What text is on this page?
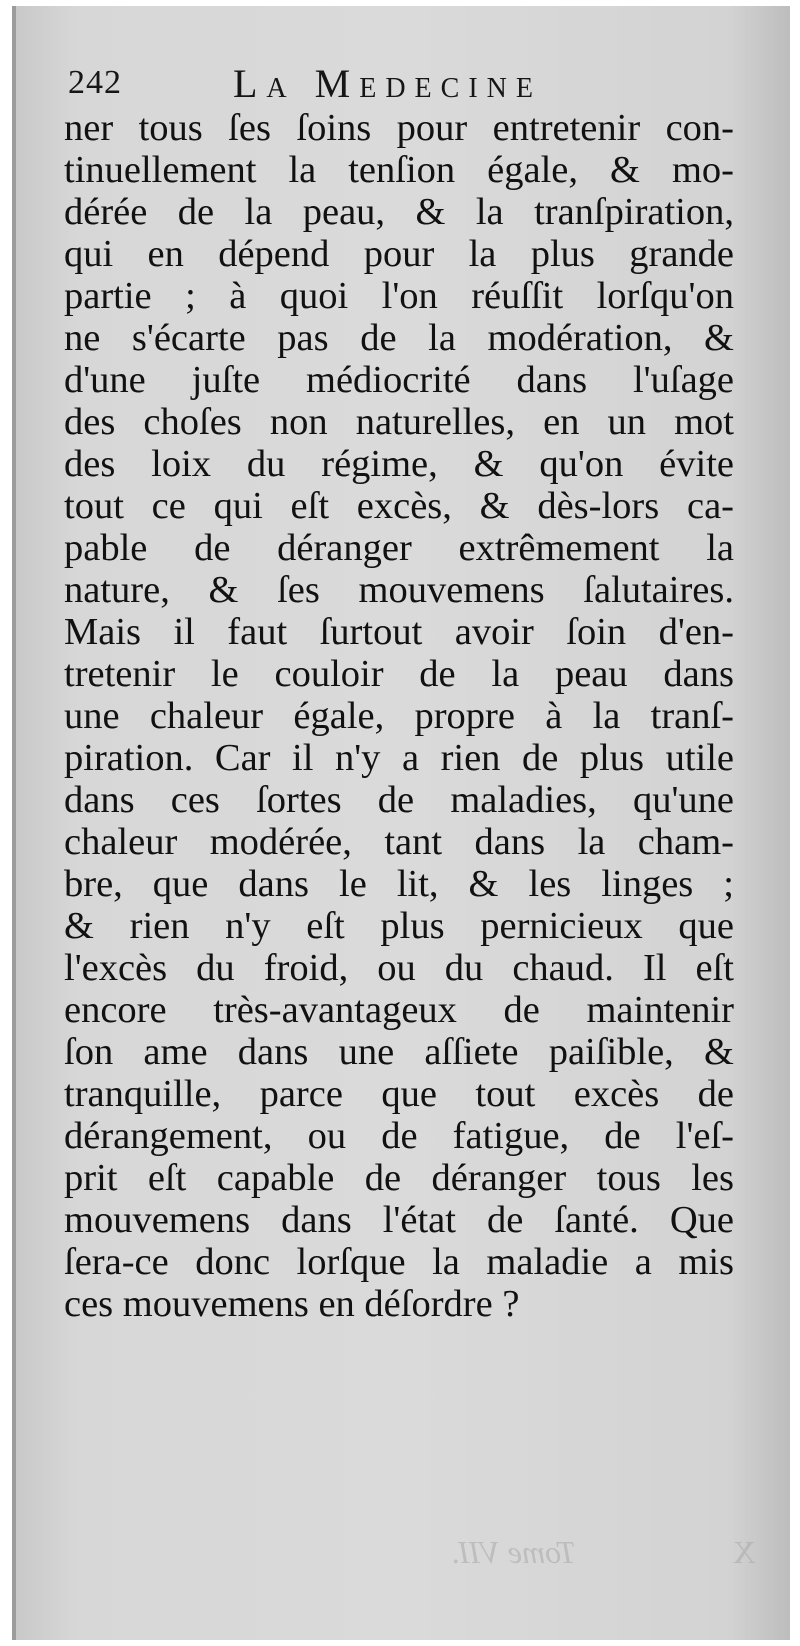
242	La Medecine
ner tous ſes ſoins pour entretenir con-
tinuellement la tenſion égale, & mo-
dérée de la peau, & la tranſpiration,
qui en dépend pour la plus grande
partie ; à quoi l'on réuſſit lorſqu'on
ne s'écarte pas de la modération, &
d'une juſte médiocrité dans l'uſage
des choſes non naturelles, en un mot
des loix du régime, & qu'on évite
tout ce qui eſt excès, & dès-lors ca-
pable de déranger extrêmement la
nature, & ſes mouvemens ſalutaires.
Mais il faut ſurtout avoir ſoin d'en-
tretenir le couloir de la peau dans
une chaleur égale, propre à la tranſ-
piration. Car il n'y a rien de plus utile
dans ces ſortes de maladies, qu'une
chaleur modérée, tant dans la cham-
bre, que dans le lit, & les linges ;
& rien n'y eſt plus pernicieux que
l'excès du froid, ou du chaud. Il eſt
encore très-avantageux de maintenir
ſon ame dans une aſſiete paiſible, &
tranquille, parce que tout excès de
dérangement, ou de fatigue, de l'eſ-
prit eſt capable de déranger tous les
mouvemens dans l'état de ſanté. Que
ſera-ce donc lorſque la maladie a mis
ces mouvemens en déſordre ?
X
Tome VII.
